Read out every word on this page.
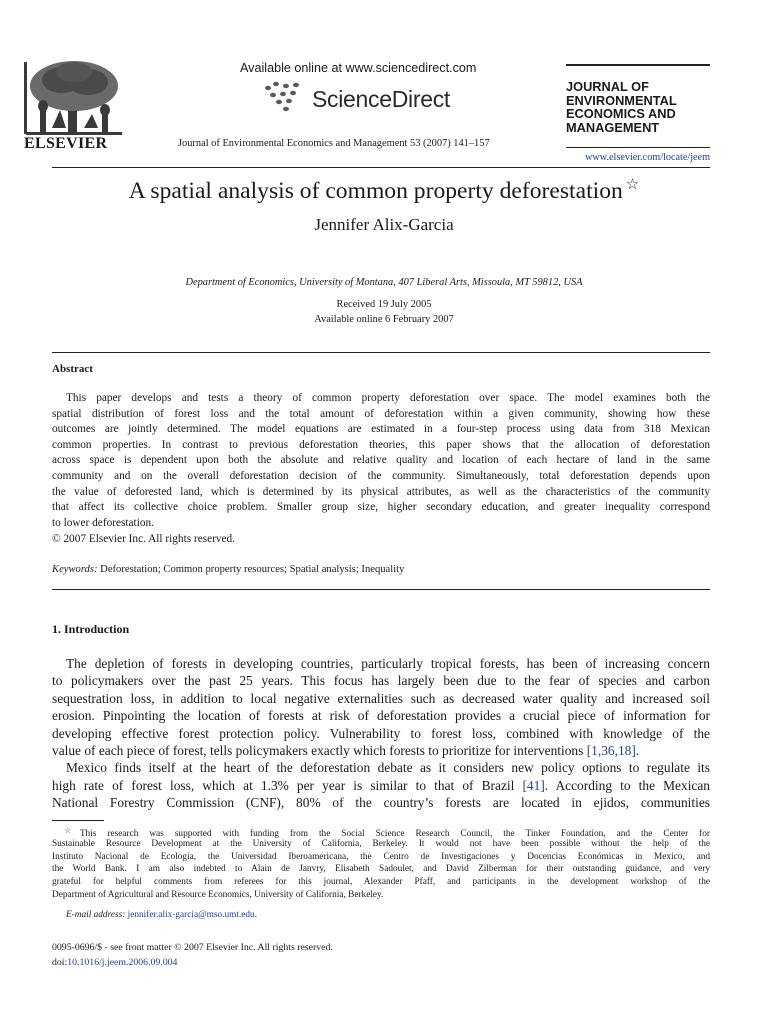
ELSEVIER
Available online at www.sciencedirect.com
ScienceDirect
Journal of Environmental Economics and Management 53 (2007) 141–157
JOURNAL OF
ENVIRONMENTAL
ECONOMICS AND
MANAGEMENT
www.elsevier.com/locate/jeem
A spatial analysis of common property deforestation ☆
Jennifer Alix-Garcia
Department of Economics, University of Montana, 407 Liberal Arts, Missoula, MT 59812, USA
Received 19 July 2005
Available online 6 February 2007
Abstract
This paper develops and tests a theory of common property deforestation over space. The model examines both the
spatial distribution of forest loss and the total amount of deforestation within a given community, showing how these
outcomes are jointly determined. The model equations are estimated in a four-step process using data from 318 Mexican
common properties. In contrast to previous deforestation theories, this paper shows that the allocation of deforestation
across space is dependent upon both the absolute and relative quality and location of each hectare of land in the same
community and on the overall deforestation decision of the community. Simultaneously, total deforestation depends upon
the value of deforested land, which is determined by its physical attributes, as well as the characteristics of the community
that affect its collective choice problem. Smaller group size, higher secondary education, and greater inequality correspond
to lower deforestation.
© 2007 Elsevier Inc. All rights reserved.
Keywords: Deforestation; Common property resources; Spatial analysis; Inequality
1. Introduction
The depletion of forests in developing countries, particularly tropical forests, has been of increasing concern
to policymakers over the past 25 years. This focus has largely been due to the fear of species and carbon
sequestration loss, in addition to local negative externalities such as decreased water quality and increased soil
erosion. Pinpointing the location of forests at risk of deforestation provides a crucial piece of information for
developing effective forest protection policy. Vulnerability to forest loss, combined with knowledge of the
value of each piece of forest, tells policymakers exactly which forests to prioritize for interventions [1,36,18].
Mexico finds itself at the heart of the deforestation debate as it considers new policy options to regulate its
high rate of forest loss, which at 1.3% per year is similar to that of Brazil [41]. According to the Mexican
National Forestry Commission (CNF), 80% of the country’s forests are located in ejidos, communities
☆This research was supported with funding from the Social Science Research Council, the Tinker Foundation, and the Center for
Sustainable Resource Development at the University of California, Berkeley. It would not have been possible without the help of the
Instituto Nacional de Ecología, the Universidad Iberoamericana, the Centro de Investigaciones y Docencias Económicas in Mexico, and
the World Bank. I am also indebted to Alain de Janvry, Elisabeth Sadoulet, and David Zilberman for their outstanding guidance, and very
grateful for helpful comments from referees for this journal, Alexander Pfaff, and participants in the development workshop of the
Department of Agricultural and Resource Economics, University of California, Berkeley.
E-mail address: jennifer.alix-garcia@mso.umt.edu.
0095-0696/$ - see front matter © 2007 Elsevier Inc. All rights reserved.
doi:10.1016/j.jeem.2006.09.004
